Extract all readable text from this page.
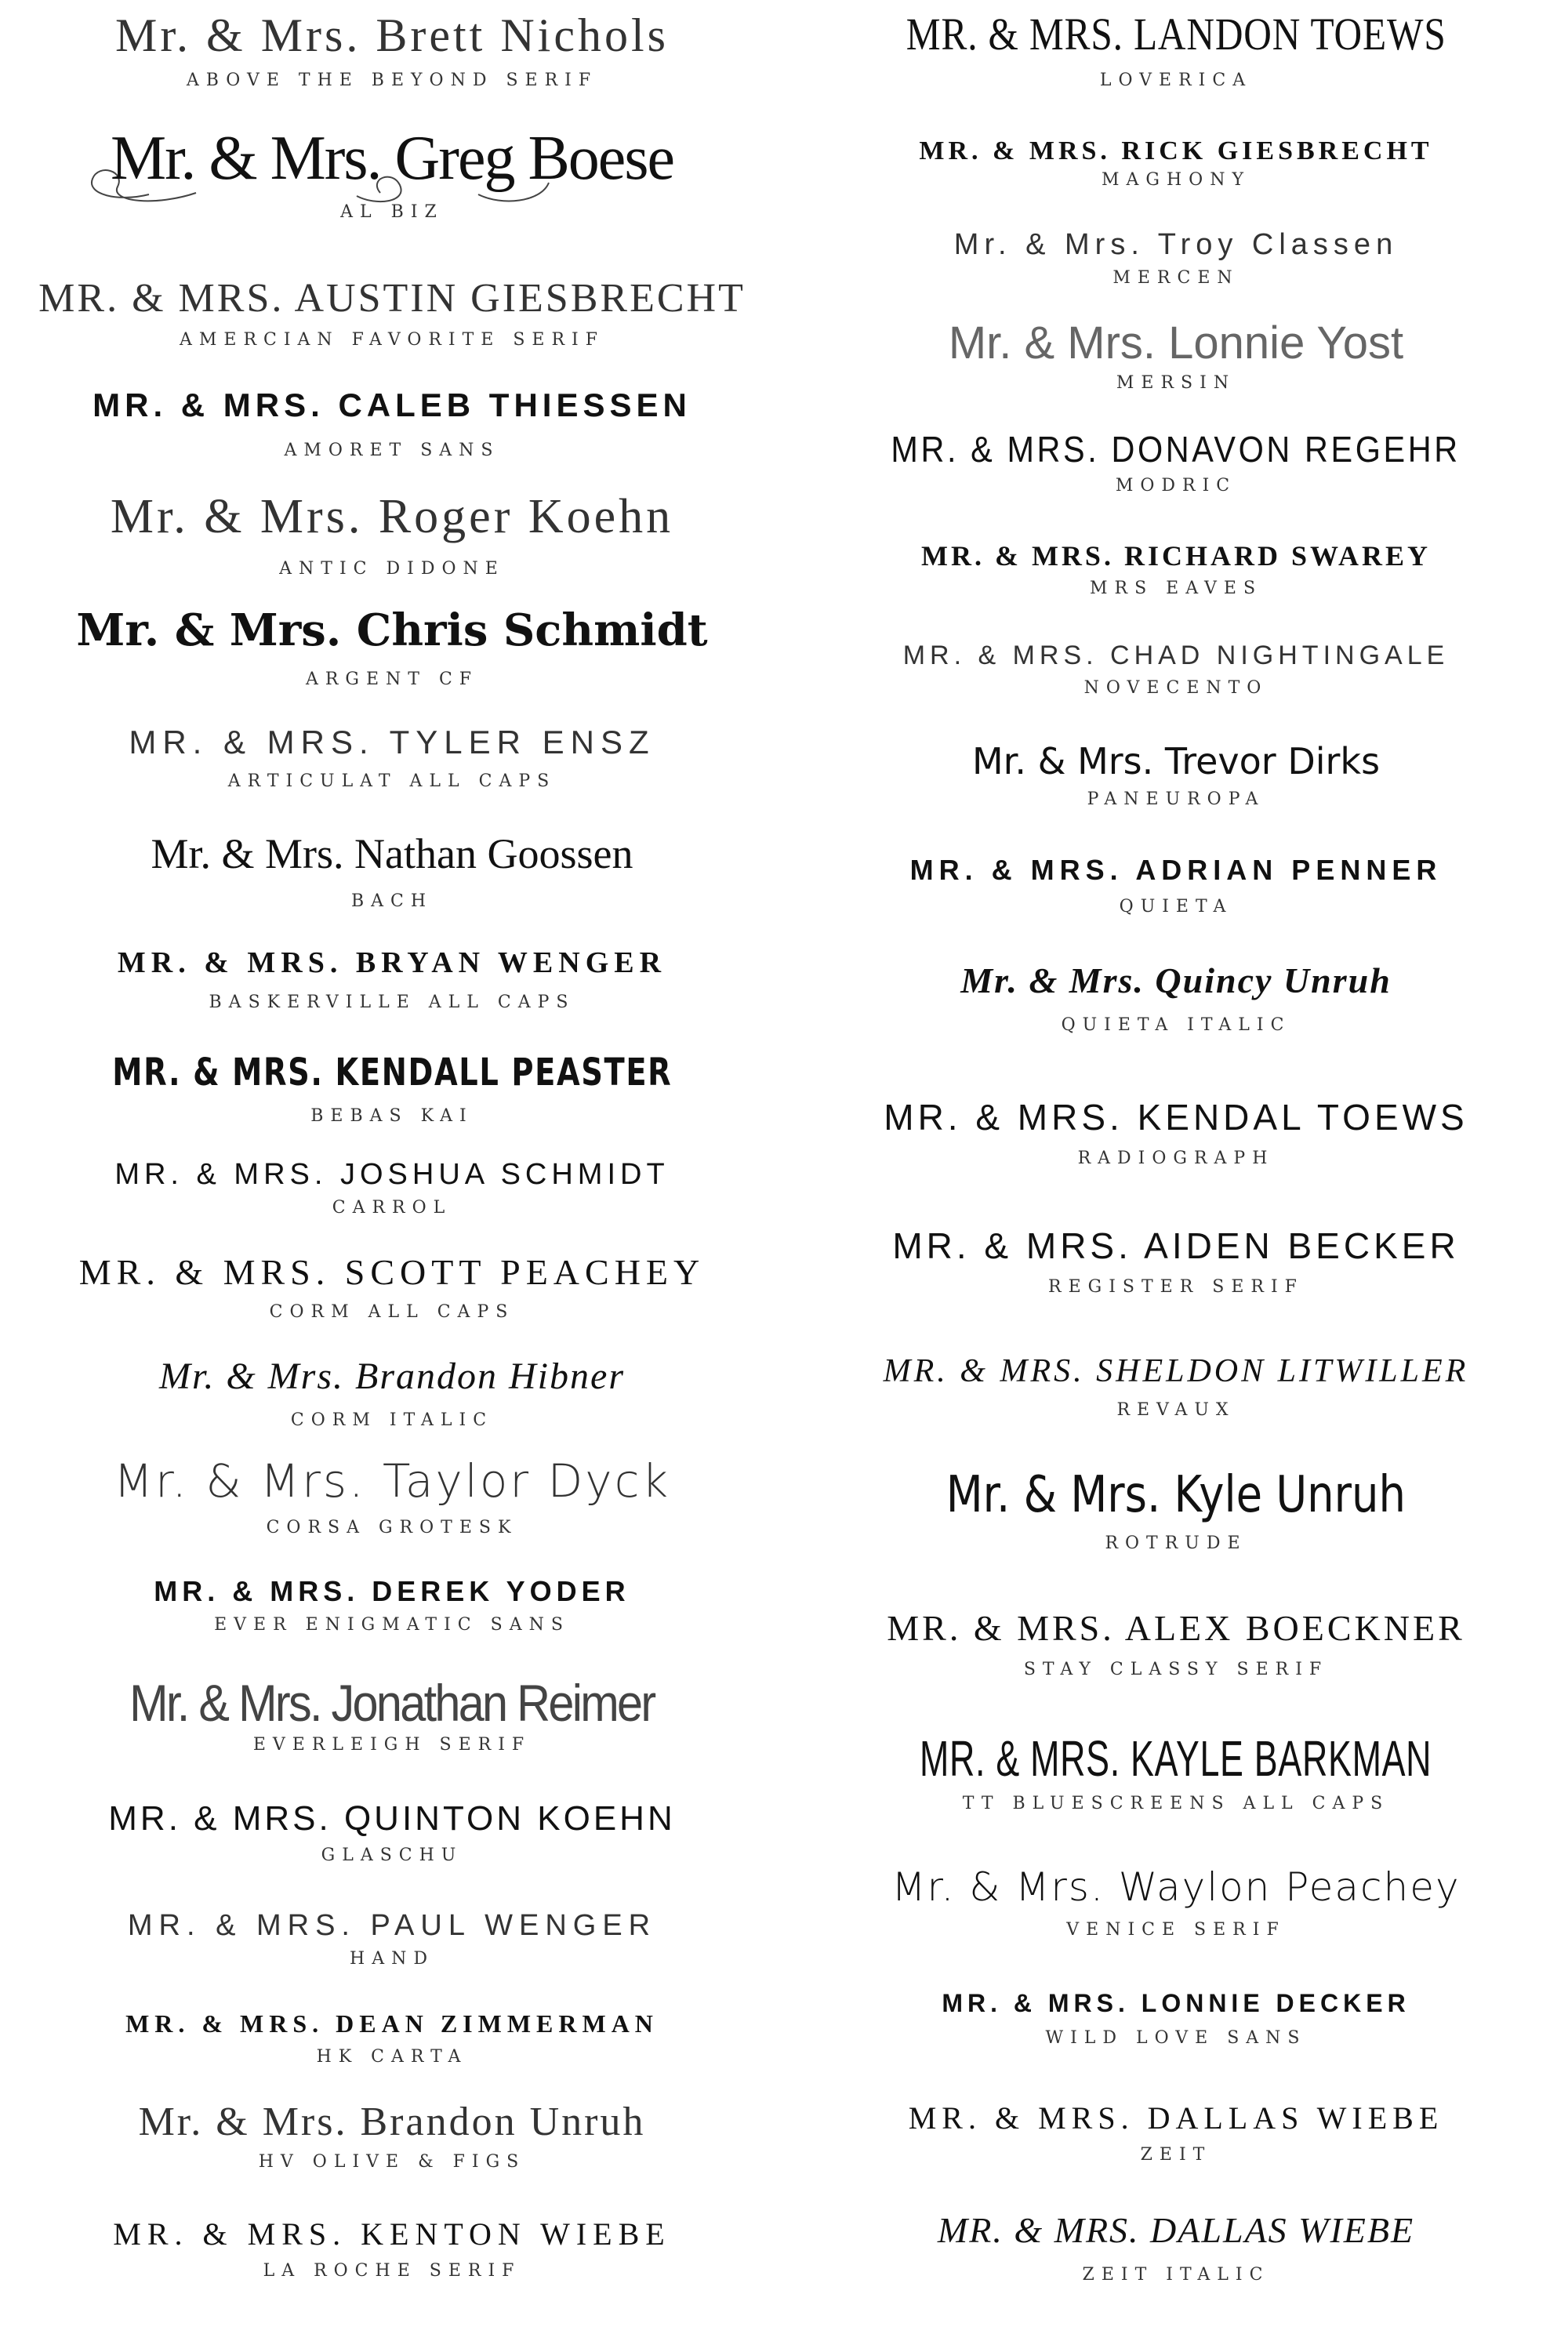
Mr. & Mrs. Brett Nichols
ABOVE THE BEYOND SERIF
Mr. & Mrs. Greg Boese
AL BIZ
MR. & MRS. AUSTIN GIESBRECHT
AMERCIAN FAVORITE SERIF
MR. & MRS. CALEB THIESSEN
AMORET SANS
Mr. & Mrs. Roger Koehn
ANTIC DIDONE
Mr. & Mrs. Chris Schmidt
ARGENT CF
MR. & MRS. TYLER ENSZ
ARTICULAT ALL CAPS
Mr. & Mrs. Nathan Goossen
BACH
MR. & MRS. BRYAN WENGER
BASKERVILLE ALL CAPS
MR. & MRS. KENDALL PEASTER
BEBAS KAI
MR. & MRS. JOSHUA SCHMIDT
CARROL
MR. & MRS. SCOTT PEACHEY
CORM ALL CAPS
Mr. & Mrs. Brandon Hibner
CORM ITALIC
Mr. & Mrs. Taylor Dyck
CORSA GROTESK
MR. & MRS. DEREK YODER
EVER ENIGMATIC SANS
Mr. & Mrs. Jonathan Reimer
EVERLEIGH SERIF
MR. & MRS. QUINTON KOEHN
GLASCHU
MR. & MRS. PAUL WENGER
HAND
MR. & MRS. DEAN ZIMMERMAN
HK CARTA
Mr. & Mrs. Brandon Unruh
HV OLIVE & FIGS
MR. & MRS. KENTON WIEBE
LA ROCHE SERIF
MR. & MRS. LANDON TOEWS
LOVERICA
MR. & MRS. RICK GIESBRECHT
MAGHONY
Mr. & Mrs. Troy Classen
MERCEN
Mr. & Mrs. Lonnie Yost
MERSIN
MR. & MRS. DONAVON REGEHR
MODRIC
MR. & MRS. RICHARD SWAREY
MRS EAVES
MR. & MRS. CHAD NIGHTINGALE
NOVECENTO
Mr. & Mrs. Trevor Dirks
PANEUROPA
MR. & MRS. ADRIAN PENNER
QUIETA
Mr. & Mrs. Quincy Unruh
QUIETA ITALIC
MR. & MRS. KENDAL TOEWS
RADIOGRAPH
MR. & MRS. AIDEN BECKER
REGISTER SERIF
MR. & MRS. SHELDON LITWILLER
REVAUX
Mr. & Mrs. Kyle Unruh
ROTRUDE
MR. & MRS. ALEX BOECKNER
STAY CLASSY SERIF
MR. & MRS. KAYLE BARKMAN
TT BLUESCREENS ALL CAPS
Mr. & Mrs. Waylon Peachey
VENICE SERIF
MR. & MRS. LONNIE DECKER
WILD LOVE SANS
MR. & MRS. DALLAS WIEBE
ZEIT
MR. & MRS. DALLAS WIEBE
ZEIT ITALIC
